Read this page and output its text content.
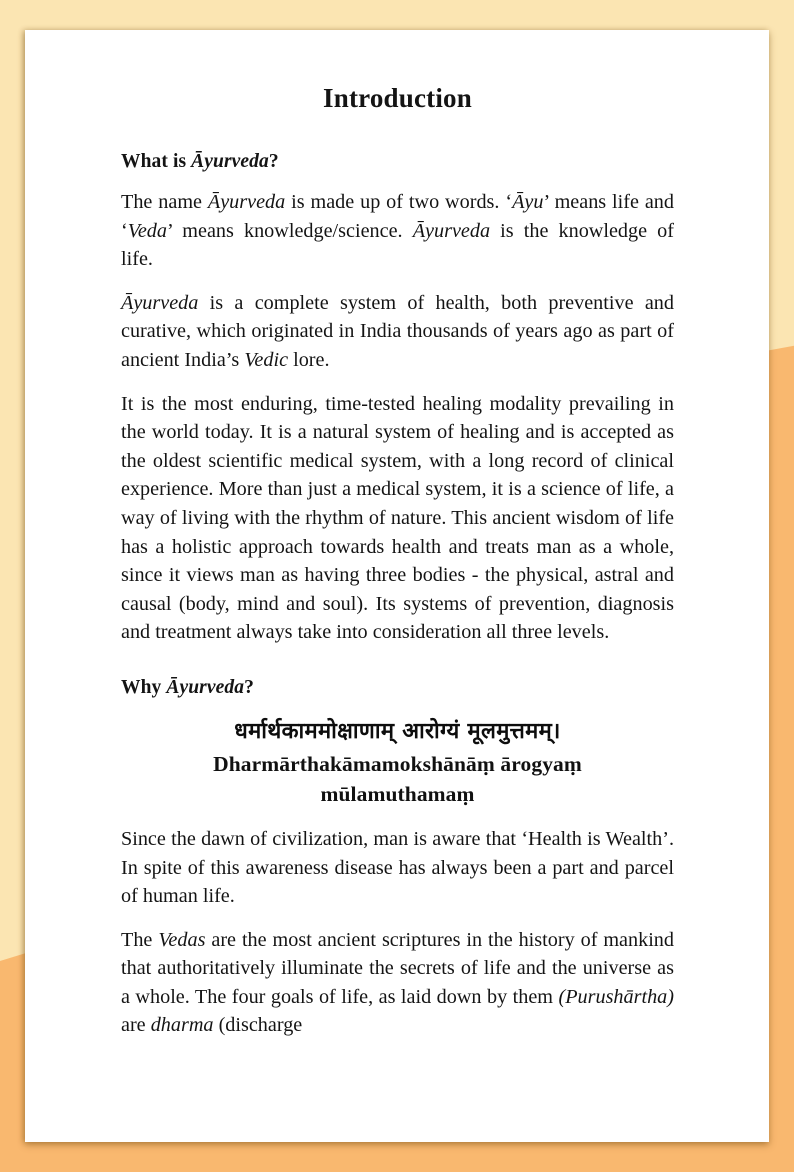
Introduction
What is Āyurveda?

The name Āyurveda is made up of two words. ‘Āyu’ means life and ‘Veda’ means knowledge/science. Āyurveda is the knowledge of life.

Āyurveda is a complete system of health, both preventive and curative, which originated in India thousands of years ago as part of ancient India’s Vedic lore.

It is the most enduring, time-tested healing modality prevailing in the world today. It is a natural system of healing and is accepted as the oldest scientific medical system, with a long record of clinical experience. More than just a medical system, it is a science of life, a way of living with the rhythm of nature. This ancient wisdom of life has a holistic approach towards health and treats man as a whole, since it views man as having three bodies - the physical, astral and causal (body, mind and soul). Its systems of prevention, diagnosis and treatment always take into consideration all three levels.

Why Āyurveda?
धर्मार्थकाममोक्षाणाम् आरोग्यं मूलमुत्तमम्।
Dharmārthakāmamokshānāṃ ārogyaṃ
mūlamuthamaṃ

Since the dawn of civilization, man is aware that ‘Health is Wealth’. In spite of this awareness disease has always been a part and parcel of human life.

The Vedas are the most ancient scriptures in the history of mankind that authoritatively illuminate the secrets of life and the universe as a whole. The four goals of life, as laid down by them (Purushārtha) are dharma (discharge
